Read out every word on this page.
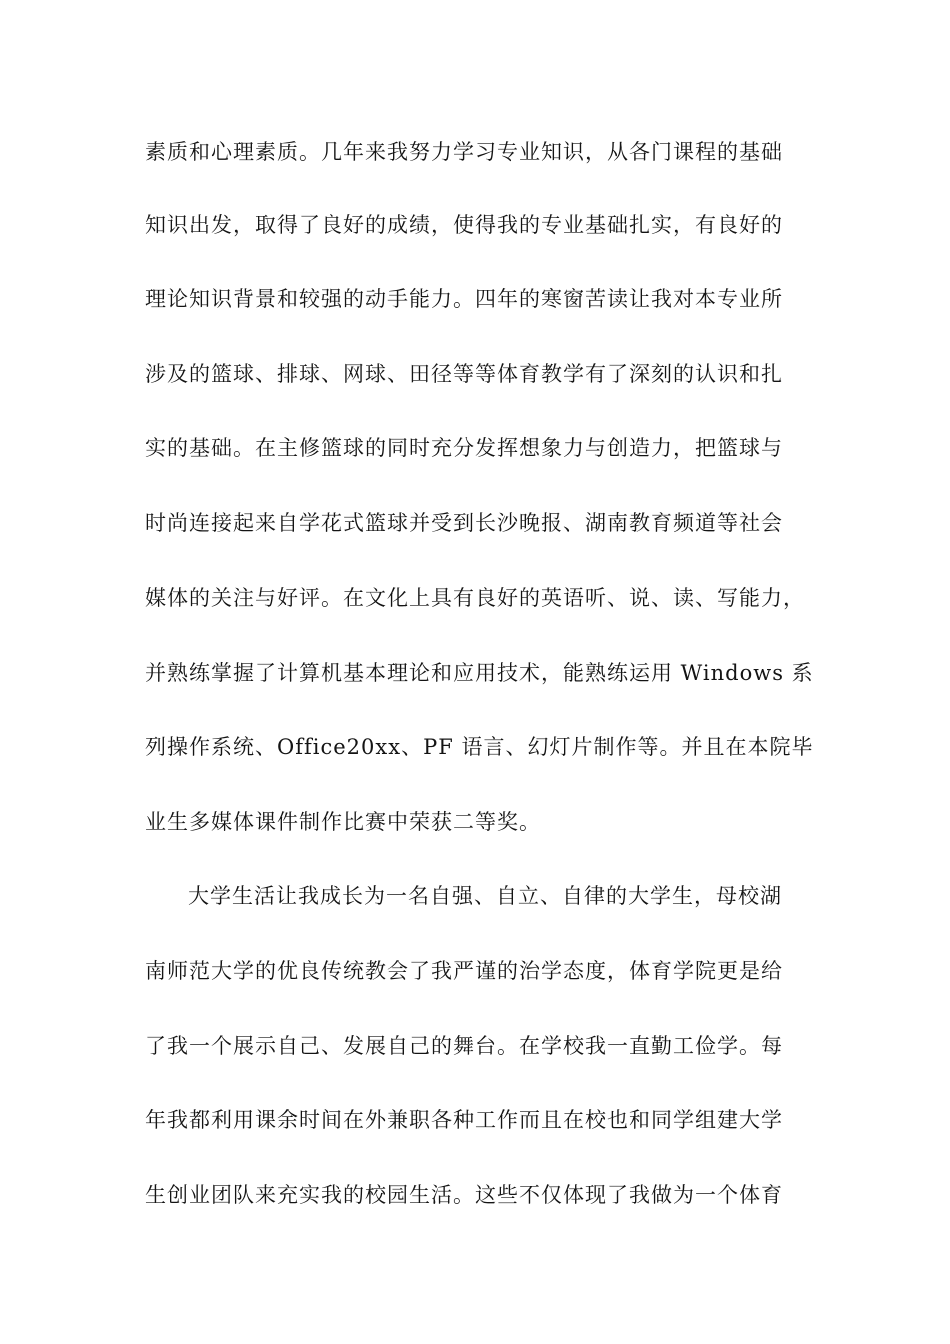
素质和心理素质。几年来我努力学习专业知识，从各门课程的基础
知识出发，取得了良好的成绩，使得我的专业基础扎实，有良好的
理论知识背景和较强的动手能力。四年的寒窗苦读让我对本专业所
涉及的篮球、排球、网球、田径等等体育教学有了深刻的认识和扎
实的基础。在主修篮球的同时充分发挥想象力与创造力，把篮球与
时尚连接起来自学花式篮球并受到长沙晚报、湖南教育频道等社会
媒体的关注与好评。在文化上具有良好的英语听、说、读、写能力，
并熟练掌握了计算机基本理论和应用技术，能熟练运用 Windows 系
列操作系统、Office20xx、PF 语言、幻灯片制作等。并且在本院毕
业生多媒体课件制作比赛中荣获二等奖。
大学生活让我成长为一名自强、自立、自律的大学生，母校湖
南师范大学的优良传统教会了我严谨的治学态度，体育学院更是给
了我一个展示自己、发展自己的舞台。在学校我一直勤工俭学。每
年我都利用课余时间在外兼职各种工作而且在校也和同学组建大学
生创业团队来充实我的校园生活。这些不仅体现了我做为一个体育
